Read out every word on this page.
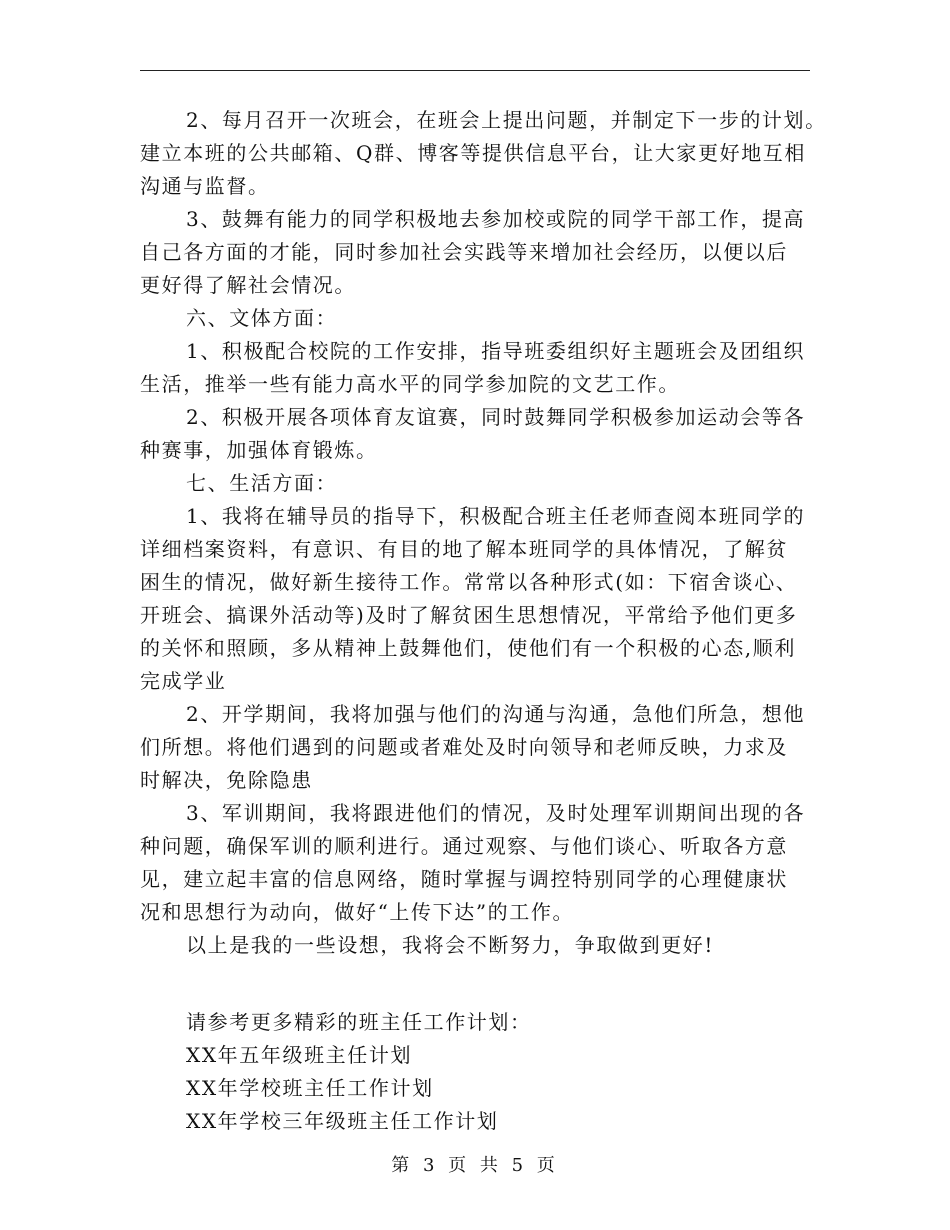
2、每月召开一次班会，在班会上提出问题，并制定下一步的计划。
建立本班的公共邮箱、Q群、博客等提供信息平台，让大家更好地互相
沟通与监督。
3、鼓舞有能力的同学积极地去参加校或院的同学干部工作，提高
自己各方面的才能，同时参加社会实践等来增加社会经历，以便以后
更好得了解社会情况。
六、文体方面：
1、积极配合校院的工作安排，指导班委组织好主题班会及团组织
生活，推举一些有能力高水平的同学参加院的文艺工作。
2、积极开展各项体育友谊赛，同时鼓舞同学积极参加运动会等各
种赛事，加强体育锻炼。
七、生活方面：
1、我将在辅导员的指导下，积极配合班主任老师查阅本班同学的
详细档案资料，有意识、有目的地了解本班同学的具体情况，了解贫
困生的情况，做好新生接待工作。常常以各种形式(如：下宿舍谈心、
开班会、搞课外活动等)及时了解贫困生思想情况，平常给予他们更多
的关怀和照顾，多从精神上鼓舞他们，使他们有一个积极的心态,顺利
完成学业
2、开学期间，我将加强与他们的沟通与沟通，急他们所急，想他
们所想。将他们遇到的问题或者难处及时向领导和老师反映，力求及
时解决，免除隐患
3、军训期间，我将跟进他们的情况，及时处理军训期间出现的各
种问题，确保军训的顺利进行。通过观察、与他们谈心、听取各方意
见，建立起丰富的信息网络，随时掌握与调控特别同学的心理健康状
况和思想行为动向，做好“上传下达”的工作。
以上是我的一些设想，我将会不断努力，争取做到更好!
请参考更多精彩的班主任工作计划：
XX年五年级班主任计划
XX年学校班主任工作计划
XX年学校三年级班主任工作计划
第 3 页 共 5 页
